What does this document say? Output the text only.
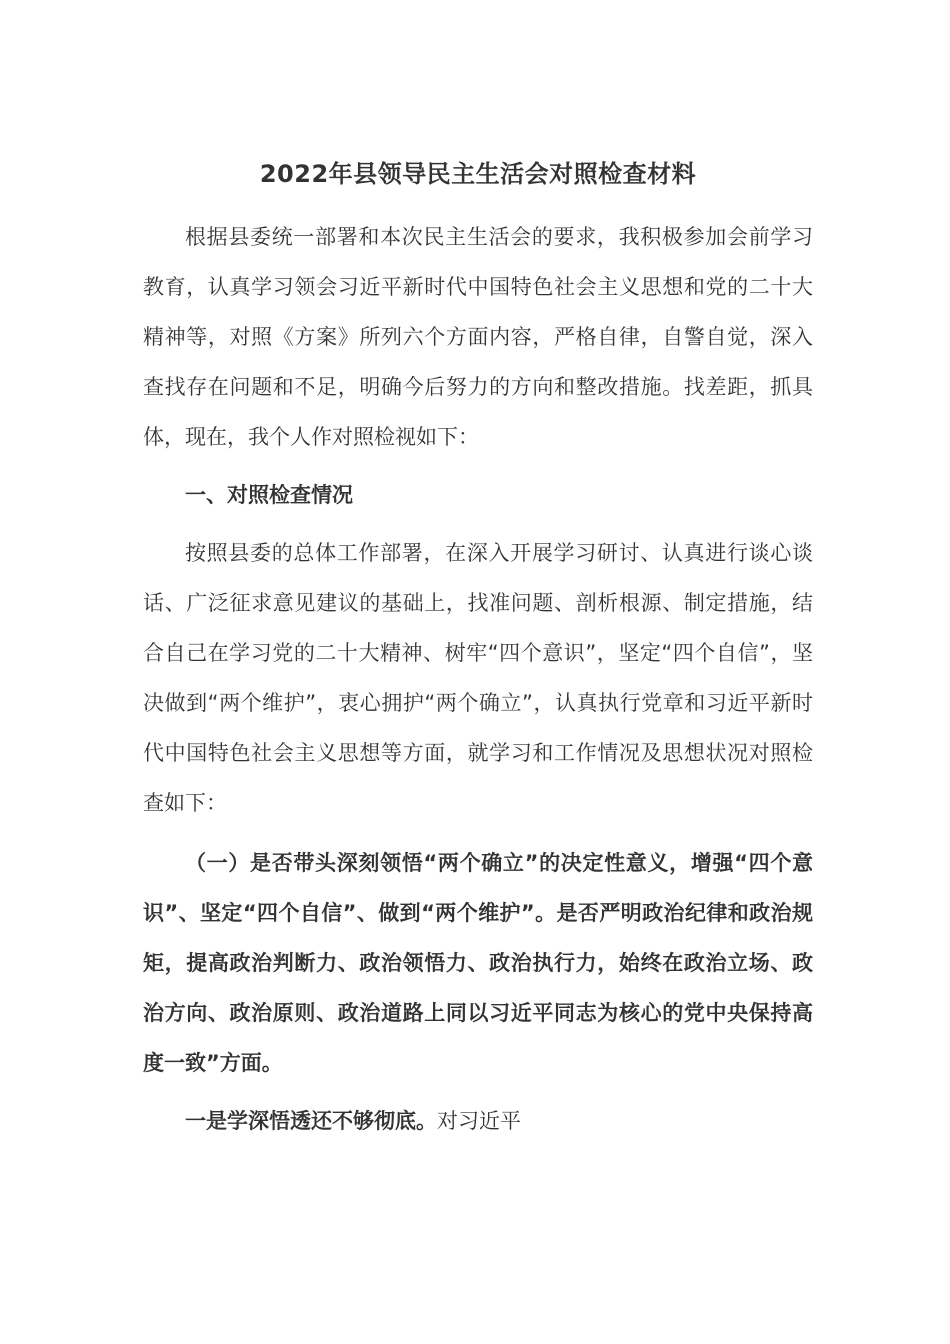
2022年县领导民主生活会对照检查材料

根据县委统一部署和本次民主生活会的要求，我积极参加会前学习教育，认真学习领会习近平新时代中国特色社会主义思想和党的二十大精神等，对照《方案》所列六个方面内容，严格自律，自警自觉，深入查找存在问题和不足，明确今后努力的方向和整改措施。找差距，抓具体，现在，我个人作对照检视如下：

一、对照检查情况

按照县委的总体工作部署，在深入开展学习研讨、认真进行谈心谈话、广泛征求意见建议的基础上，找准问题、剖析根源、制定措施，结合自己在学习党的二十大精神、树牢“四个意识”，坚定“四个自信”，坚决做到“两个维护”，衷心拥护“两个确立”，认真执行党章和习近平新时代中国特色社会主义思想等方面，就学习和工作情况及思想状况对照检查如下：

（一）是否带头深刻领悟“两个确立”的决定性意义，增强“四个意识”、坚定“四个自信”、做到“两个维护”。是否严明政治纪律和政治规矩，提高政治判断力、政治领悟力、政治执行力，始终在政治立场、政治方向、政治原则、政治道路上同以习近平同志为核心的党中央保持高度一致”方面。

一是学深悟透还不够彻底。对习近平
